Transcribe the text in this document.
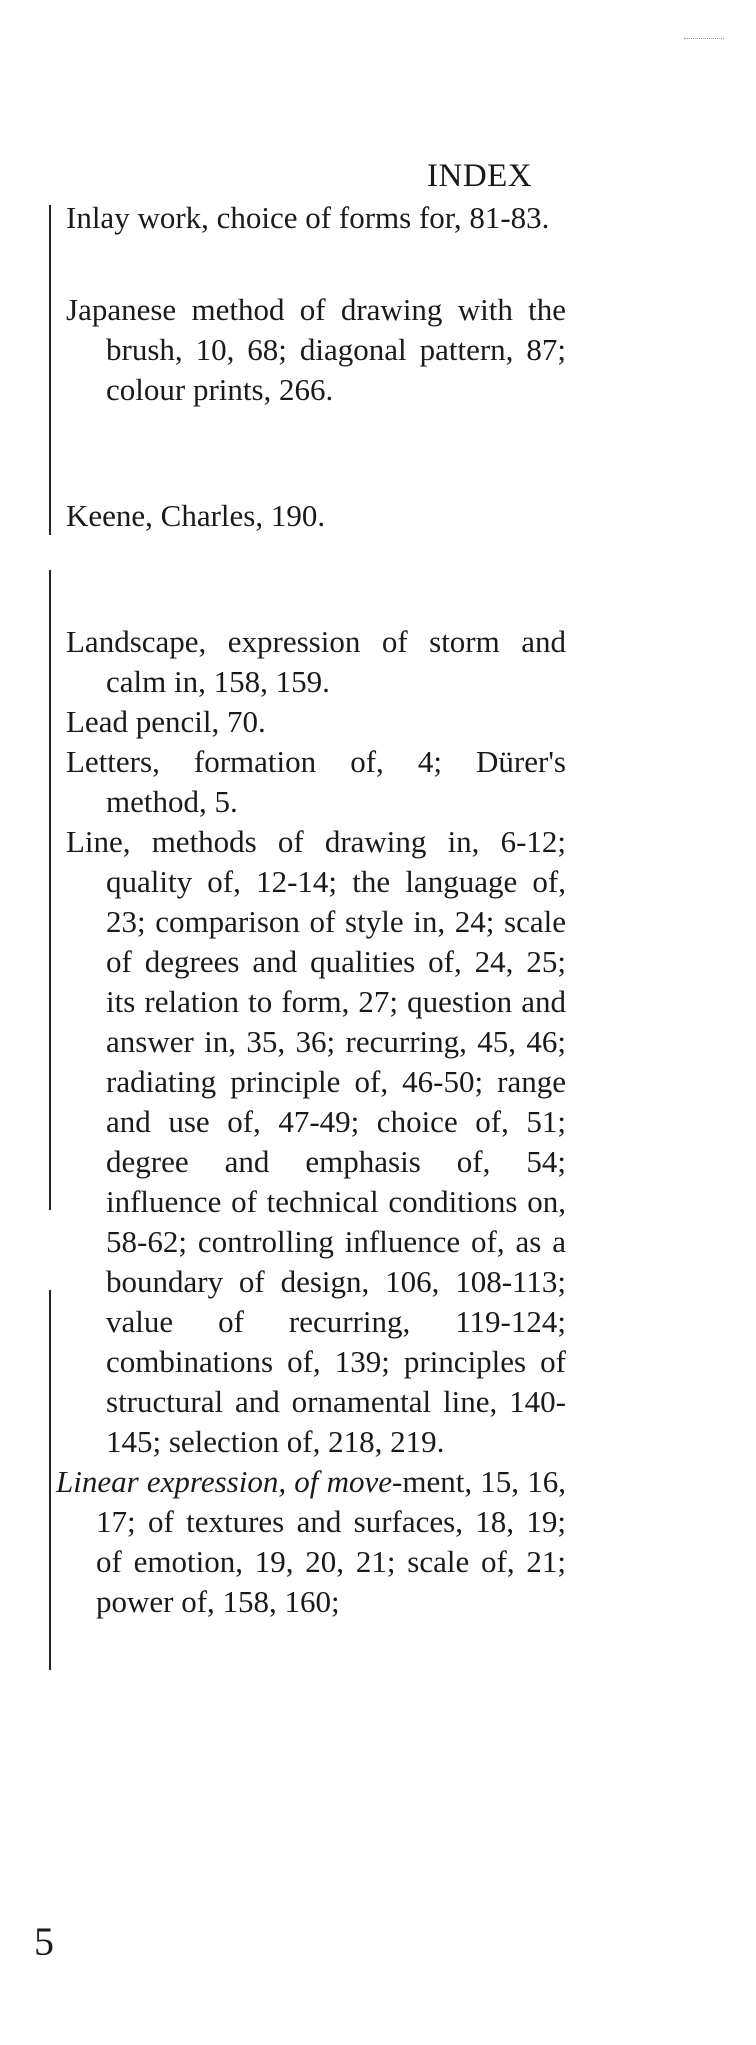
INDEX

Inlay work, choice of forms for, 81-83.

Japanese method of drawing with the brush, 10, 68; diagonal pattern, 87; colour prints, 266.

Keene, Charles, 190.

Landscape, expression of storm and calm in, 158, 159.

Lead pencil, 70.

Letters, formation of, 4; Dürer's method, 5.

Line, methods of drawing in, 6-12; quality of, 12-14; the language of, 23; comparison of style in, 24; scale of degrees and qualities of, 24, 25; its relation to form, 27; question and answer in, 35, 36; recurring, 45, 46; radiating principle of, 46-50; range and use of, 47-49; choice of, 51; degree and emphasis of, 54; influence of technical conditions on, 58-62; controlling influence of, as a boundary of design, 106, 108-113; value of recurring, 119-124; combinations of, 139; principles of structural and ornamental line, 140-145; selection of, 218, 219.

Linear expression, of move-ment, 15, 16, 17; of textures and surfaces, 18, 19; of emotion, 19, 20, 21; scale of, 21; power of, 158, 160;

5
